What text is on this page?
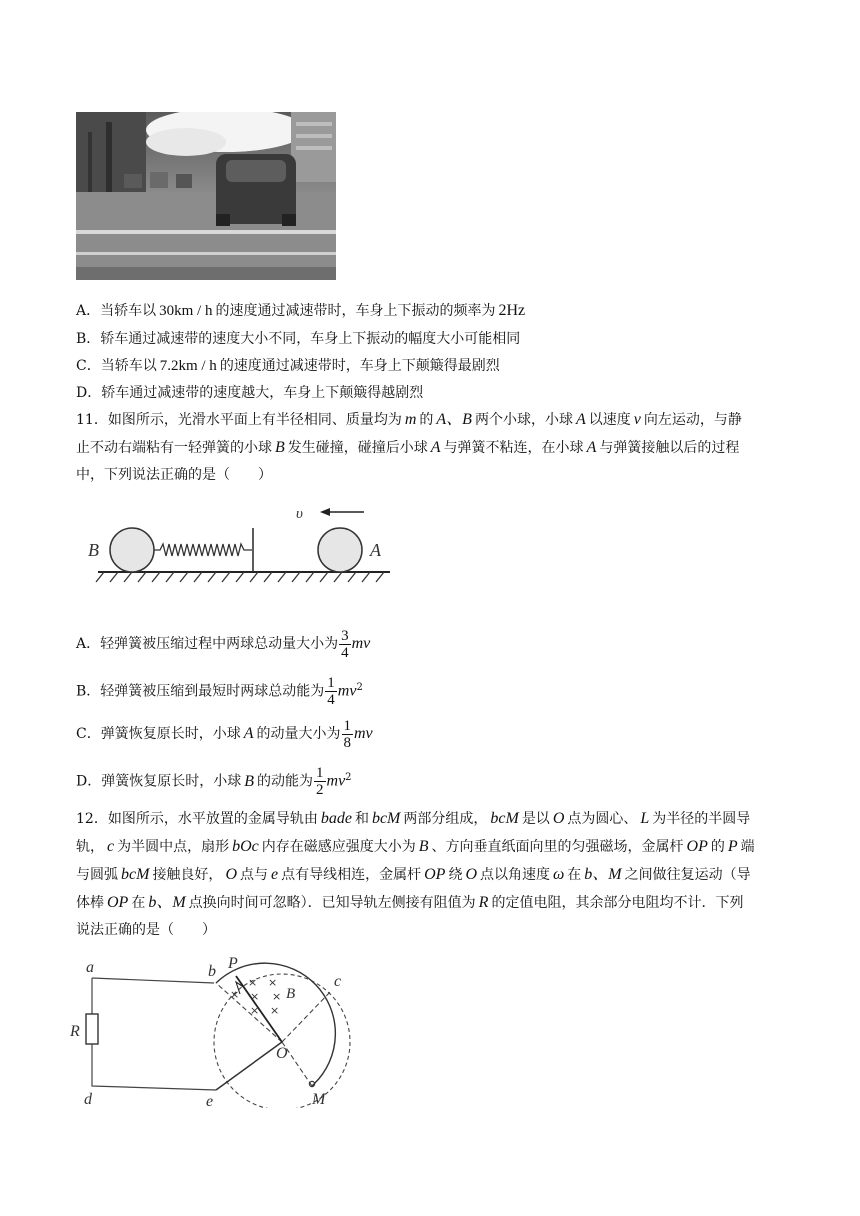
A．当轿车以 30km / h 的速度通过减速带时，车身上下振动的频率为 2Hz
B．轿车通过减速带的速度大小不同，车身上下振动的幅度大小可能相同
C．当轿车以 7.2km / h 的速度通过减速带时，车身上下颠簸得最剧烈
D．轿车通过减速带的速度越大，车身上下颠簸得越剧烈
11．如图所示，光滑水平面上有半径相同、质量均为 m 的 A、B 两个小球，小球 A 以速度 v 向左运动，与静
止不动右端粘有一轻弹簧的小球 B 发生碰撞，碰撞后小球 A 与弹簧不粘连，在小球 A 与弹簧接触以后的过程
中，下列说法正确的是（　　）
υ
B	A
A．轻弹簧被压缩过程中两球总动量大小为 $\frac{3}{4}$ mv
B．轻弹簧被压缩到最短时两球总动能为 $\frac{1}{4} mv^2$
C．弹簧恢复原长时，小球 A 的动量大小为 $\frac{1}{8}$ mv
D．弹簧恢复原长时，小球 B 的动能为 $\frac{1}{2} mv^2$
12．如图所示，水平放置的金属导轨由 bade 和 bcM 两部分组成， bcM 是以 O 点为圆心、 L 为半径的半圆导
轨， c 为半圆中点，扇形 bOc 内存在磁感应强度大小为 B 、方向垂直纸面向里的匀强磁场，金属杆 OP 的 P 端
与圆弧 bcM 接触良好， O 点与 e 点有导线相连，金属杆 OP 绕 O 点以角速度 ω 在 b、M 之间做往复运动（导
体棒 OP 在 b、M 点换向时间可忽略）．已知导轨左侧接有阻值为 R 的定值电阻，其余部分电阻均不计．下列
说法正确的是（　　）
× ×
× × ×
× ×
a	b P
c
B
R
O
d	e	M
